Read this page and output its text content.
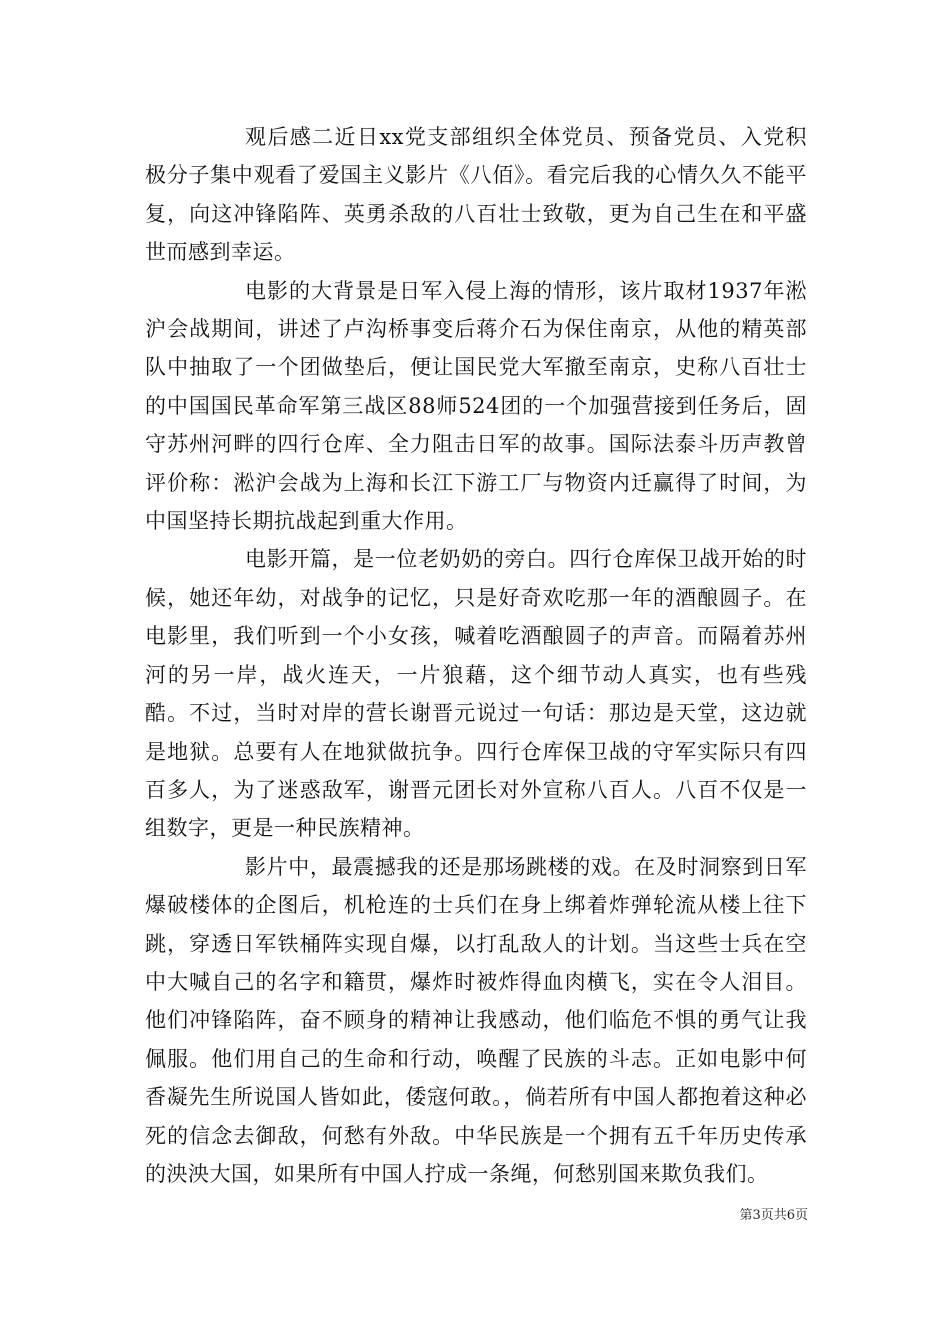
观后感二近日xx党支部组织全体党员、预备党员、入党积极分子集中观看了爱国主义影片《八佰》。看完后我的心情久久不能平复，向这冲锋陷阵、英勇杀敌的八百壮士致敬，更为自己生在和平盛世而感到幸运。

电影的大背景是日军入侵上海的情形，该片取材1937年淞沪会战期间，讲述了卢沟桥事变后蒋介石为保住南京，从他的精英部队中抽取了一个团做垫后，便让国民党大军撤至南京，史称八百壮士的中国国民革命军第三战区88师524团的一个加强营接到任务后，固守苏州河畔的四行仓库、全力阻击日军的故事。国际法泰斗历声教曾评价称：淞沪会战为上海和长江下游工厂与物资内迁赢得了时间，为中国坚持长期抗战起到重大作用。

电影开篇，是一位老奶奶的旁白。四行仓库保卫战开始的时候，她还年幼，对战争的记忆，只是好奇欢吃那一年的酒酿圆子。在电影里，我们听到一个小女孩，喊着吃酒酿圆子的声音。而隔着苏州河的另一岸，战火连天，一片狼藉，这个细节动人真实，也有些残酷。不过，当时对岸的营长谢晋元说过一句话：那边是天堂，这边就是地狱。总要有人在地狱做抗争。四行仓库保卫战的守军实际只有四百多人，为了迷惑敌军，谢晋元团长对外宣称八百人。八百不仅是一组数字，更是一种民族精神。

影片中，最震撼我的还是那场跳楼的戏。在及时洞察到日军爆破楼体的企图后，机枪连的士兵们在身上绑着炸弹轮流从楼上往下跳，穿透日军铁桶阵实现自爆，以打乱敌人的计划。当这些士兵在空中大喊自己的名字和籍贯，爆炸时被炸得血肉横飞，实在令人泪目。他们冲锋陷阵，奋不顾身的精神让我感动，他们临危不惧的勇气让我佩服。他们用自己的生命和行动，唤醒了民族的斗志。正如电影中何香凝先生所说国人皆如此，倭寇何敢。，倘若所有中国人都抱着这种必死的信念去御敌，何愁有外敌。中华民族是一个拥有五千年历史传承的泱泱大国，如果所有中国人拧成一条绳，何愁别国来欺负我们。

第3页共6页
